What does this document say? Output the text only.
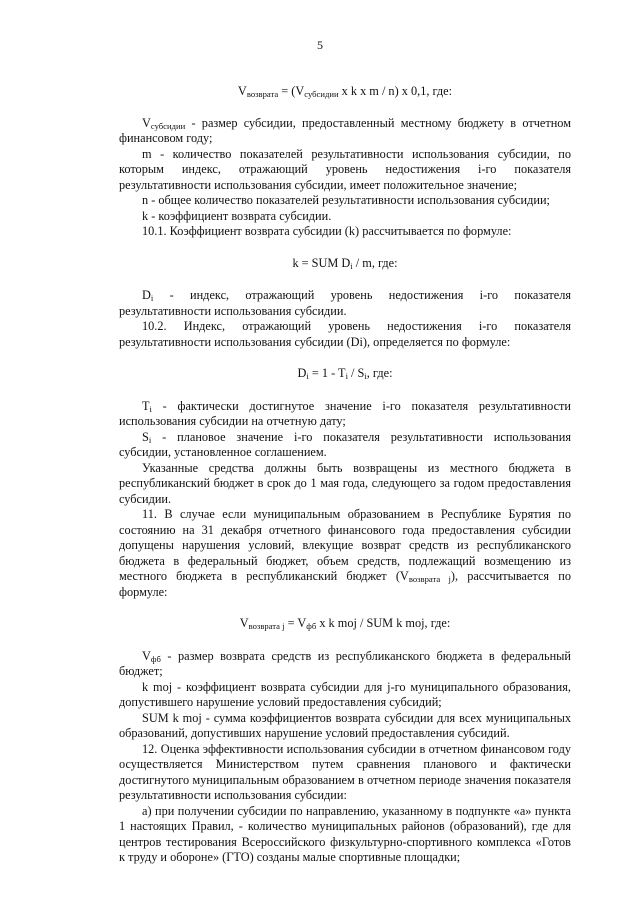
5

$V_{возврата} = (V_{субсидии}$ x k x m / n) x 0,1, где:

$V_{субсидии}$ - размер субсидии, предоставленный местному бюджету в отчетном финансовом году;

m - количество показателей результативности использования субсидии, по которым индекс, отражающий уровень недостижения i-го показателя результативности использования субсидии, имеет положительное значение;

n - общее количество показателей результативности использования субсидии;

k - коэффициент возврата субсидии.

10.1. Коэффициент возврата субсидии (k) рассчитывается по формуле:

k = SUM $D_i$ / m, где:

$D_i$ - индекс, отражающий уровень недостижения i-го показателя результативности использования субсидии.

10.2. Индекс, отражающий уровень недостижения i-го показателя результативности использования субсидии (Di), определяется по формуле:

$D_i = 1 - T_i / S_i$, где:

$T_i$ - фактически достигнутое значение i-го показателя результативности использования субсидии на отчетную дату;

$S_i$ - плановое значение i-го показателя результативности использования субсидии, установленное соглашением.

Указанные средства должны быть возвращены из местного бюджета в республиканский бюджет в срок до 1 мая года, следующего за годом предоставления субсидии.

11. В случае если муниципальным образованием в Республике Бурятия по состоянию на 31 декабря отчетного финансового года предоставления субсидии допущены нарушения условий, влекущие возврат средств из республиканского бюджета в федеральный бюджет, объем средств, подлежащий возмещению из местного бюджета в республиканский бюджет $(V_{возврата j})$, рассчитывается по формуле:

$V_{возврата j} = V_{фб}$ x k moj / SUM k moj, где:

$V_{фб}$ - размер возврата средств из республиканского бюджета в федеральный бюджет;

k moj - коэффициент возврата субсидии для j-го муниципального образования, допустившего нарушение условий предоставления субсидий;

SUM k moj - сумма коэффициентов возврата субсидии для всех муниципальных образований, допустивших нарушение условий предоставления субсидий.

12. Оценка эффективности использования субсидии в отчетном финансовом году осуществляется Министерством путем сравнения планового и фактически достигнутого муниципальным образованием в отчетном периоде значения показателя результативности использования субсидии:

а) при получении субсидии по направлению, указанному в подпункте «а» пункта 1 настоящих Правил, - количество муниципальных районов (образований), где для центров тестирования Всероссийского физкультурно-спортивного комплекса «Готов к труду и обороне» (ГТО) созданы малые спортивные площадки;
